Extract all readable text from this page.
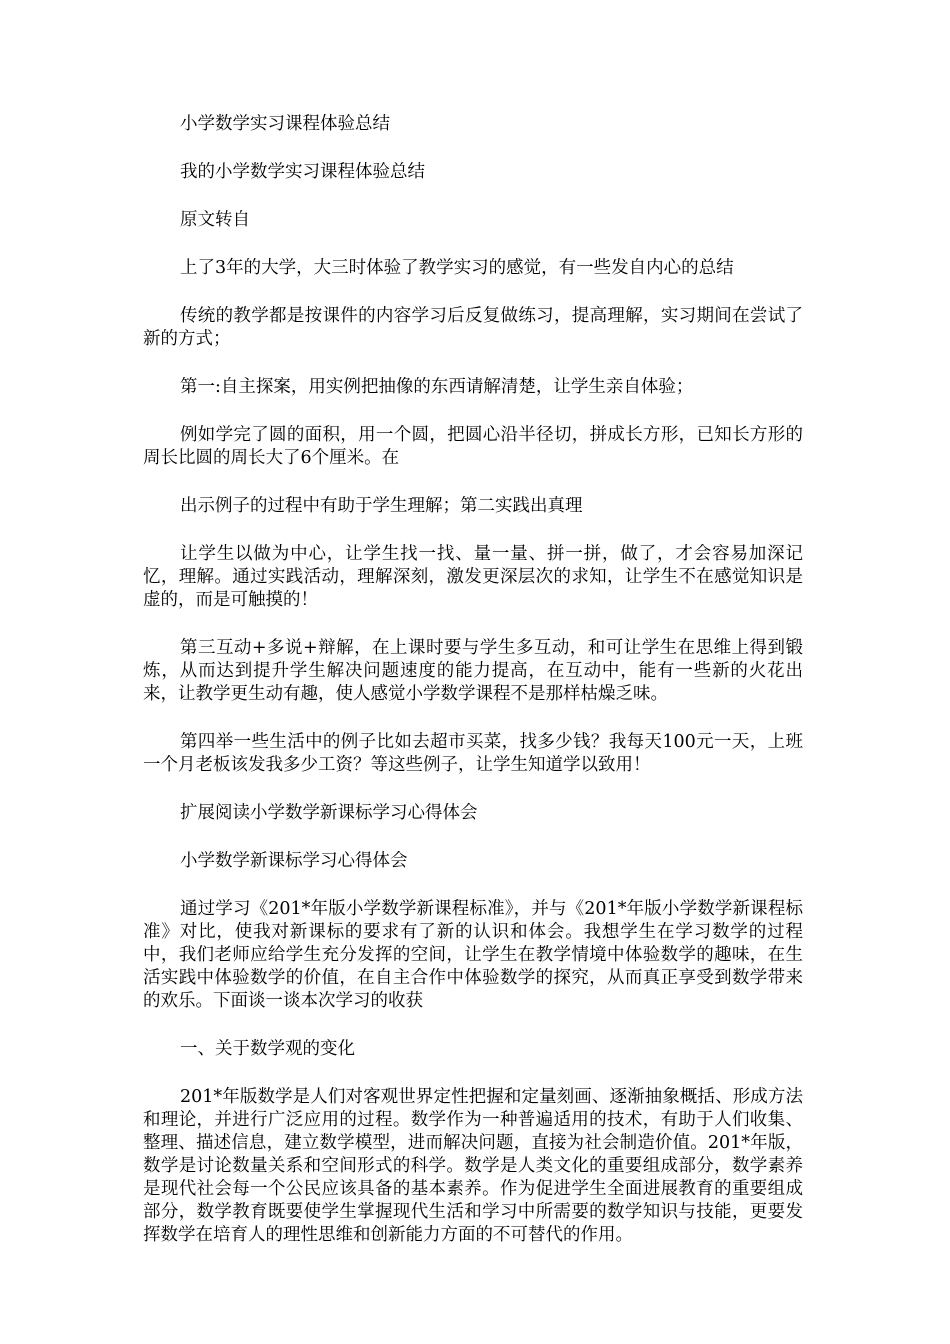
小学数学实习课程体验总结

我的小学数学实习课程体验总结

原文转自

上了3年的大学，大三时体验了教学实习的感觉，有一些发自内心的总结

传统的教学都是按课件的内容学习后反复做练习，提高理解，实习期间在尝试了新的方式；

第一:自主探案，用实例把抽像的东西请解清楚，让学生亲自体验；

例如学完了圆的面积，用一个圆，把圆心沿半径切，拼成长方形，已知长方形的周长比圆的周长大了6个厘米。在

出示例子的过程中有助于学生理解；第二实践出真理

让学生以做为中心，让学生找一找、量一量、拼一拼，做了，才会容易加深记忆，理解。通过实践活动，理解深刻，激发更深层次的求知，让学生不在感觉知识是虚的，而是可触摸的！

第三互动+多说+辩解，在上课时要与学生多互动，和可让学生在思维上得到锻炼，从而达到提升学生解决问题速度的能力提高，在互动中，能有一些新的火花出来，让教学更生动有趣，使人感觉小学数学课程不是那样枯燥乏味。

第四举一些生活中的例子比如去超市买菜，找多少钱？我每天100元一天，上班一个月老板该发我多少工资？等这些例子，让学生知道学以致用！

扩展阅读小学数学新课标学习心得体会

小学数学新课标学习心得体会

通过学习《201*年版小学数学新课程标准》，并与《201*年版小学数学新课程标准》对比，使我对新课标的要求有了新的认识和体会。我想学生在学习数学的过程中，我们老师应给学生充分发挥的空间，让学生在教学情境中体验数学的趣味，在生活实践中体验数学的价值，在自主合作中体验数学的探究，从而真正享受到数学带来的欢乐。下面谈一谈本次学习的收获

一、关于数学观的变化

201*年版数学是人们对客观世界定性把握和定量刻画、逐渐抽象概括、形成方法和理论，并进行广泛应用的过程。数学作为一种普遍适用的技术，有助于人们收集、整理、描述信息，建立数学模型，进而解决问题，直接为社会制造价值。201*年版，数学是讨论数量关系和空间形式的科学。数学是人类文化的重要组成部分，数学素养是现代社会每一个公民应该具备的基本素养。作为促进学生全面进展教育的重要组成部分，数学教育既要使学生掌握现代生活和学习中所需要的数学知识与技能，更要发挥数学在培育人的理性思维和创新能力方面的不可替代的作用。
